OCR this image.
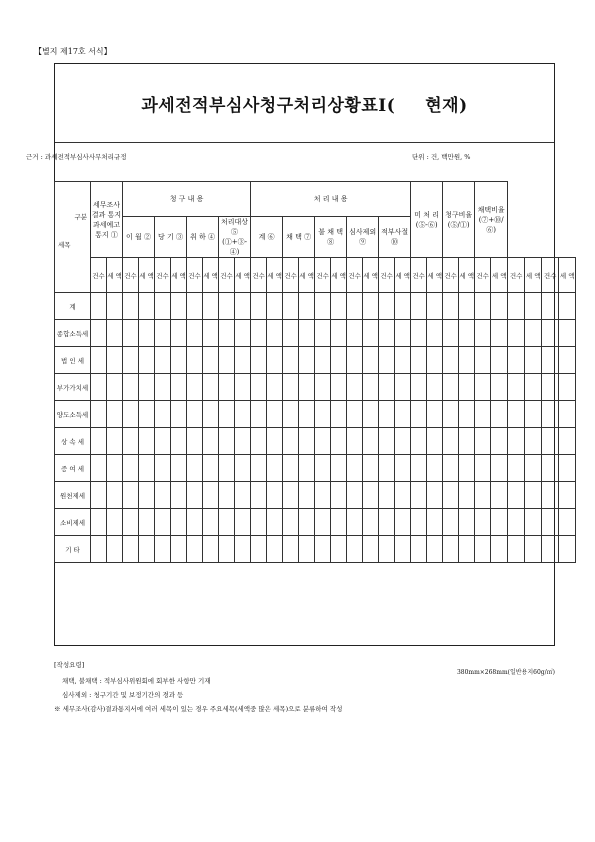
【별지 제17호 서식】
과세전적부심사청구처리상황표Ⅰ( 현재)
근거 : 과세전적부심사사무처리규정	단위 : 건, 백만원, %
구분
세목	세무조사결과 통지과세예고통지 ①		청 구 내 용								처 리 내 용										미 처 리 (⑤-⑥)		청구비율 (⑤/①)		채택비율 (⑦+⑩/⑥)					
			이 월 ②		당 기 ③		취 하 ④		처리대상 ⑤ (①+③-④)		계 ⑥		채 택 ⑦		불 채 택 ⑧		심사제외 ⑨		적부사절 ⑩											
	건수	세 액	건수	세 액	건수	세 액	건수	세 액	건수	세 액	건수	세 액	건수	세 액	건수	세 액	건수	세 액	건수	세 액	건수	세 액	건수	세 액	건수	세 액	건수	세 액	건수	세 액
계																														
종합소득세																														
법 인 세																														
부가가치세																														
양도소득세																														
상 속 세																														
증 여 세																														
원천제세																														
소비제세																														
기 타																														
[작성요령]
채택, 불채택 : 적부심사위원회에 회부한 사항만 기재
심사제외 : 청구기간 및 보정기간의 경과 등
※ 세무조사(감사)결과통지서에 여러 세목이 있는 경우 주요세목(세액중 많은 세목)으로 분류하여 작성
380mm×268mm(일반용지60g/㎡)
